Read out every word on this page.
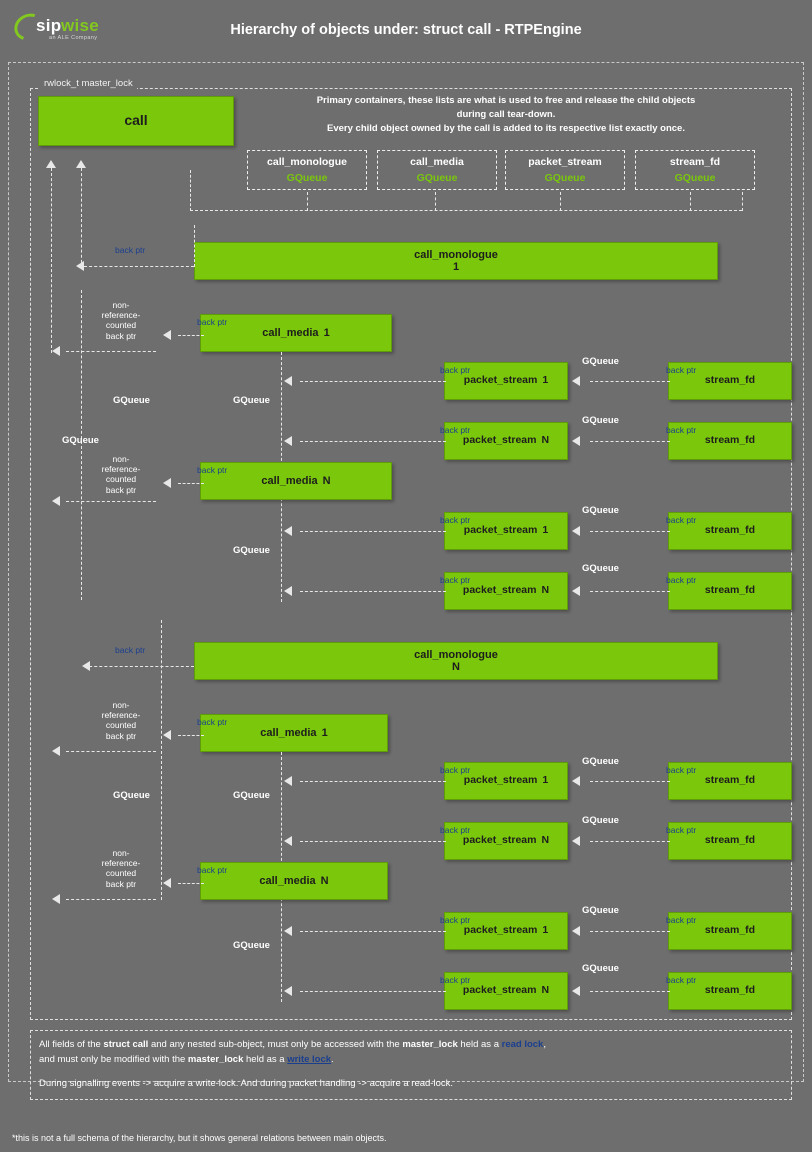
sip wise
an ALE Company	Hierarchy of objects under: struct call - RTPEngine
rwlock_t master_lock
call
Primary containers, these lists are what is used to free and release the child objects
during call tear-down.
Every child object owned by the call is added to its respective list exactly once.
call_monologue
GQueue
call_media
GQueue
packet_stream
GQueue
stream_fd
GQueue
call_monologue
1
back ptr
call_media 1
back ptr
non-
reference-
counted
back ptr
GQueue
packet_stream 1
back ptr
GQueue
stream_fd
back ptr
GQueue
packet_stream N
back ptr
stream_fd
back ptr
GQueue
GQueue
call_media N
back ptr
non-
reference-
counted
back ptr
packet_stream 1
back ptr
GQueue
stream_fd
back ptr
GQueue
packet_stream N
back ptr
stream_fd
back ptr
GQueue
call_monologue
N
back ptr
call_media 1
back ptr
non-
reference-
counted
back ptr
GQueue
packet_stream 1
back ptr
GQueue
stream_fd
back ptr
GQueue
packet_stream N
back ptr
stream_fd
back ptr
GQueue
call_media N
back ptr
non-
reference-
counted
back ptr
packet_stream 1
back ptr
GQueue
stream_fd
back ptr
GQueue
packet_stream N
back ptr
stream_fd
back ptr
GQueue
All fields of the struct call and any nested sub-object, must only be accessed with the master_lock held as a read lock,
and must only be modified with the master_lock held as a write lock.
During signalling events -> acquire a write-lock. And during packet handling -> acquire a read-lock.
*this is not a full schema of the hierarchy, but it shows general relations between main objects.
